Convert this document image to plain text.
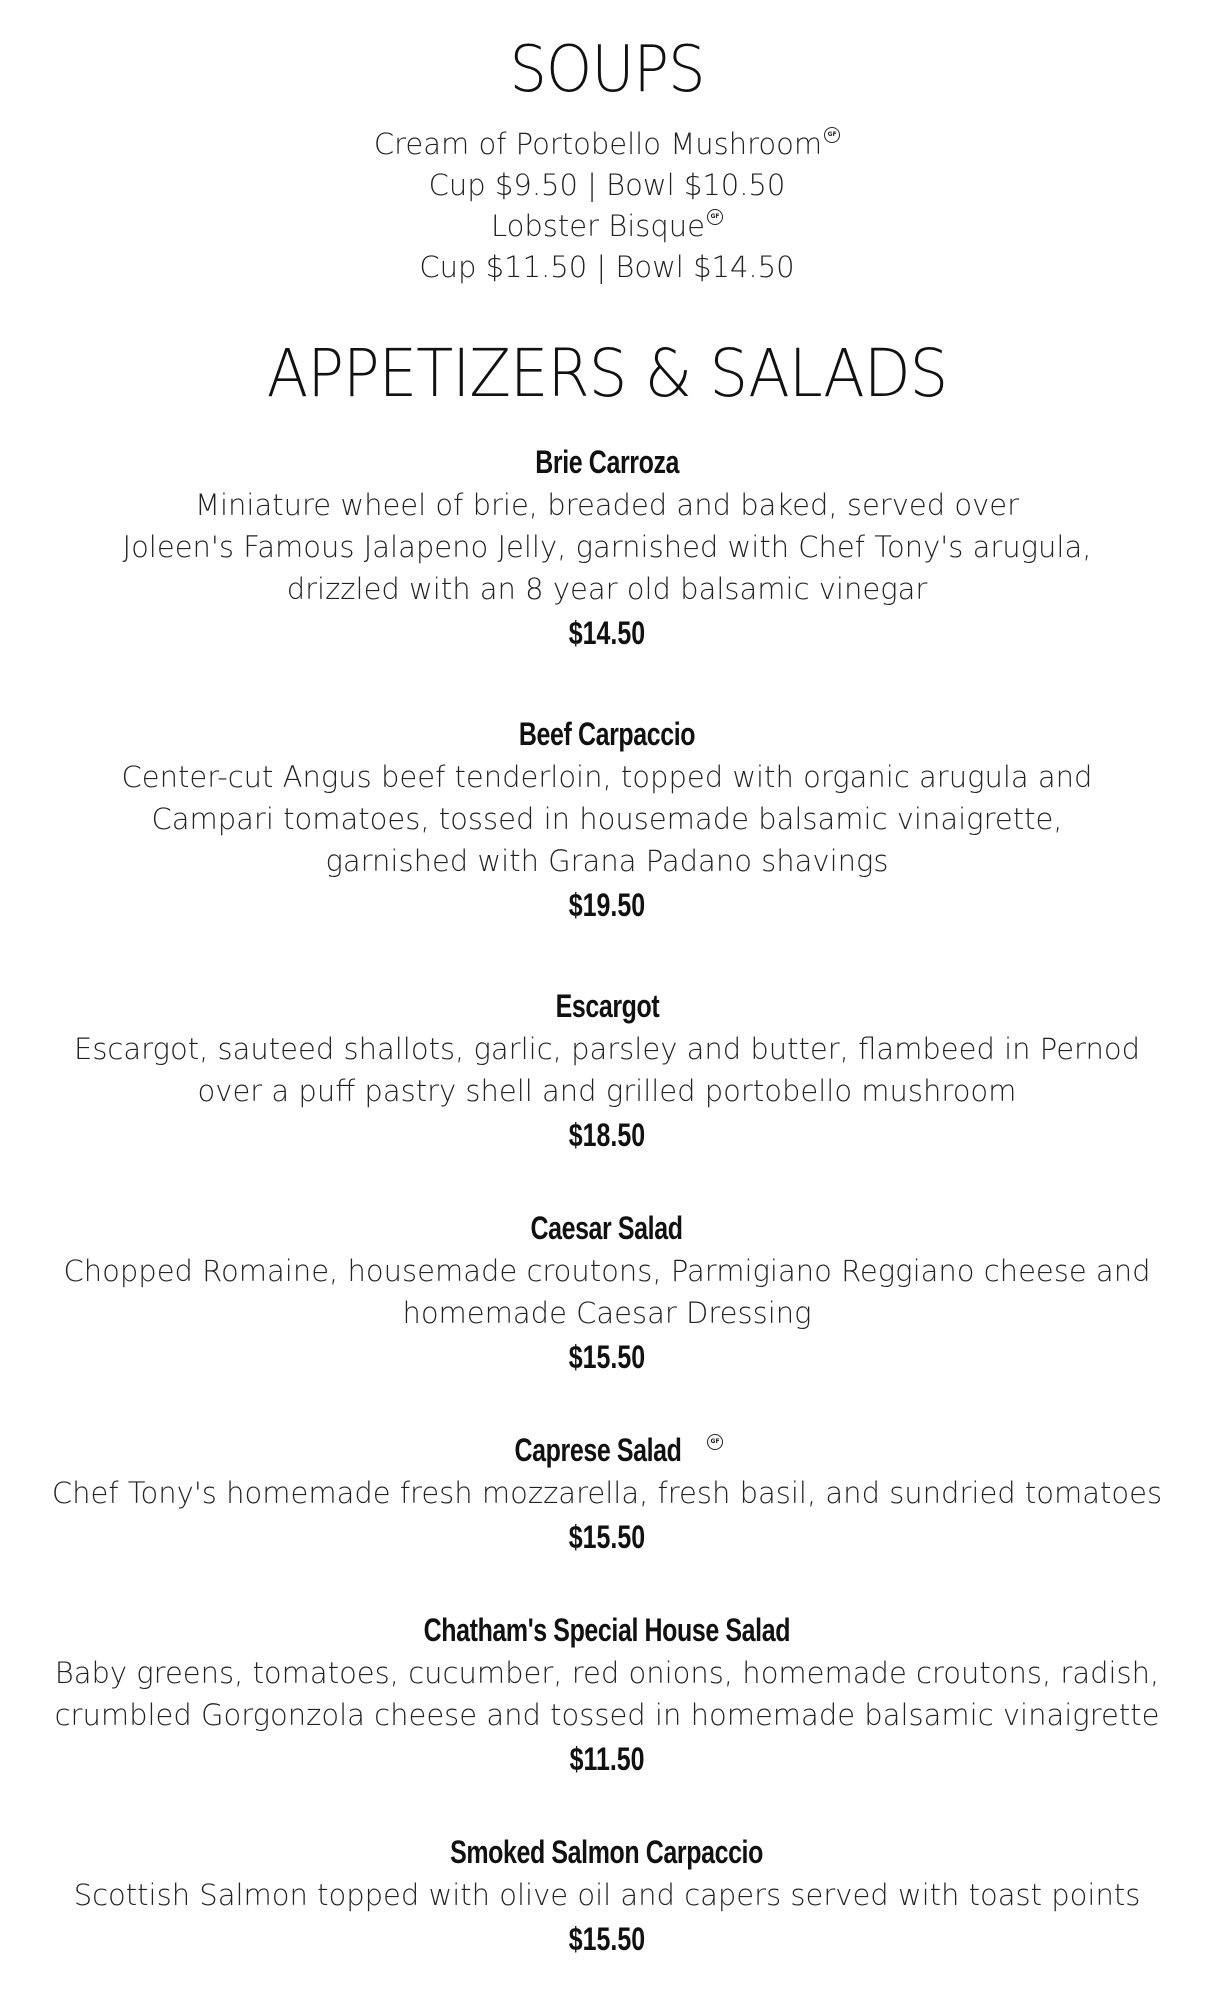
SOUPS
Cream of Portobello Mushroom GF
Cup $9.50 | Bowl $10.50
Lobster Bisque GF
Cup $11.50 | Bowl $14.50
APPETIZERS & SALADS
Brie Carroza
Miniature wheel of brie, breaded and baked, served over
Joleen's Famous Jalapeno Jelly, garnished with Chef Tony's arugula,
drizzled with an 8 year old balsamic vinegar
$14.50
Beef Carpaccio
Center-cut Angus beef tenderloin, topped with organic arugula and
Campari tomatoes, tossed in housemade balsamic vinaigrette,
garnished with Grana Padano shavings
$19.50
Escargot
Escargot, sauteed shallots, garlic, parsley and butter, flambeed in Pernod
over a puff pastry shell and grilled portobello mushroom
$18.50
Caesar Salad
Chopped Romaine, housemade croutons, Parmigiano Reggiano cheese and
homemade Caesar Dressing
$15.50
Caprese Salad	GF
Chef Tony's homemade fresh mozzarella, fresh basil, and sundried tomatoes
$15.50
Chatham's Special House Salad
Baby greens, tomatoes, cucumber, red onions, homemade croutons, radish,
crumbled Gorgonzola cheese and tossed in homemade balsamic vinaigrette
$11.50
Smoked Salmon Carpaccio
Scottish Salmon topped with olive oil and capers served with toast points
$15.50
